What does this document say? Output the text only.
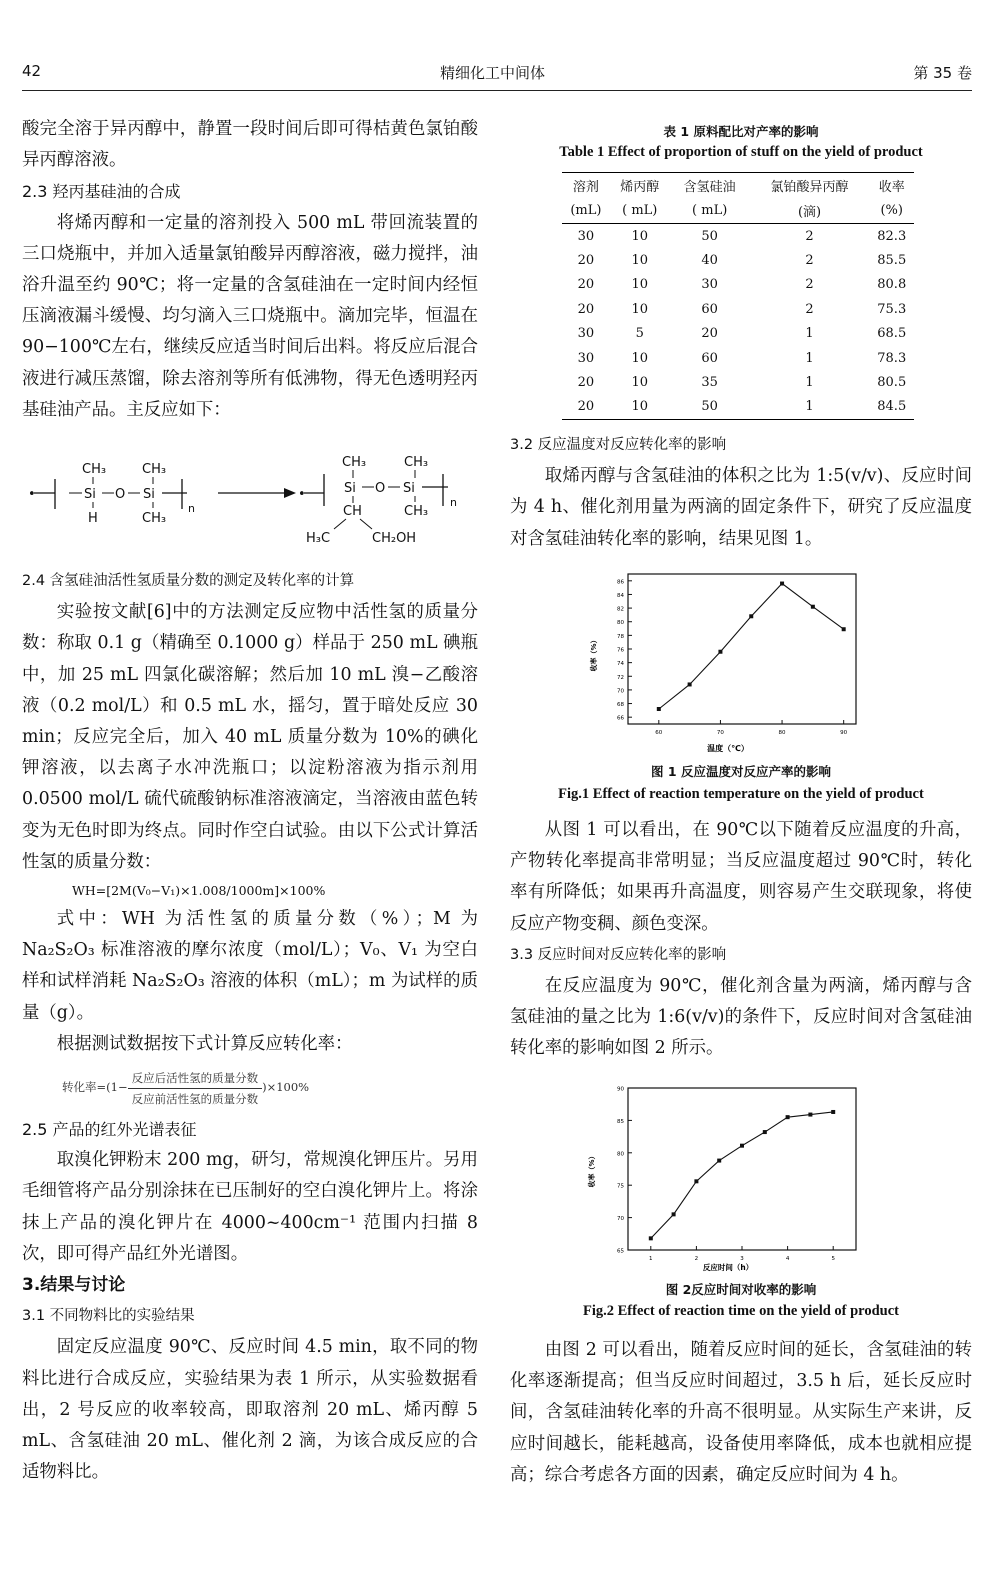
42	精细化工中间体	第 35 卷

酸完全溶于异丙醇中，静置一段时间后即可得桔黄色氯铂酸异丙醇溶液。

2.3 羟丙基硅油的合成

将烯丙醇和一定量的溶剂投入 500 mL 带回流装置的三口烧瓶中，并加入适量氯铂酸异丙醇溶液，磁力搅拌，油浴升温至约 90℃；将一定量的含氢硅油在一定时间内经恒压滴液漏斗缓慢、均匀滴入三口烧瓶中。滴加完毕，恒温在 90−100℃左右，继续反应适当时间后出料。将反应后混合液进行减压蒸馏，除去溶剂等所有低沸物，得无色透明羟丙基硅油产品。主反应如下：

•
CH₃
Si O
H
CH₃
Si
CH₃
n
•
CH₃
Si O
CH₃
Si
n
CH₃
CH
H₃C	CH₂OH

2.4 含氢硅油活性氢质量分数的测定及转化率的计算

实验按文献[6]中的方法测定反应物中活性氢的质量分数：称取 0.1 g（精确至 0.1000 g）样品于 250 mL 碘瓶中，加 25 mL 四氯化碳溶解；然后加 10 mL 溴−乙酸溶液（0.2 mol/L）和 0.5 mL 水，摇匀，置于暗处反应 30 min；反应完全后，加入 40 mL 质量分数为 10%的碘化钾溶液，以去离子水冲洗瓶口；以淀粉溶液为指示剂用 0.0500 mol/L 硫代硫酸钠标准溶液滴定，当溶液由蓝色转变为无色时即为终点。同时作空白试验。由以下公式计算活性氢的质量分数：

WH=[2M(V₀−V₁)×1.008/1000m]×100%

式中：WH 为活性氢的质量分数（%）；M 为 Na₂S₂O₃ 标准溶液的摩尔浓度（mol/L）；V₀、V₁ 为空白样和试样消耗 Na₂S₂O₃ 溶液的体积（mL）；m 为试样的质量（g）。

根据测试数据按下式计算反应转化率：

转化率$=(1- \frac{\text{反应后活性氢的质量分数}}{\text{反应前活性氢的质量分数}} )\times 100\%$

2.5 产品的红外光谱表征

取溴化钾粉末 200 mg，研匀，常规溴化钾压片。另用毛细管将产品分别涂抹在已压制好的空白溴化钾片上。将涂抹上产品的溴化钾片在 4000~400cm⁻¹ 范围内扫描 8 次，即可得产品红外光谱图。

3.结果与讨论

3.1 不同物料比的实验结果

固定反应温度 90℃、反应时间 4.5 min，取不同的物料比进行合成反应，实验结果为表 1 所示，从实验数据看出，2 号反应的收率较高，即取溶剂 20 mL、烯丙醇 5 mL、含氢硅油 20 mL、催化剂 2 滴，为该合成反应的合适物料比。

表 1 原料配比对产率的影响
Table 1 Effect of proportion of stuff on the yield of product
溶剂	烯丙醇	含氢硅油	氯铂酸异丙醇	收率
(mL)	( mL)	( mL)	(滴)	(%)
30	10	50	2	82.3
20	10	40	2	85.5
20	10	30	2	80.8
20	10	60	2	75.3
30	5	20	1	68.5
30	10	60	1	78.3
20	10	35	1	80.5
20	10	50	1	84.5

3.2 反应温度对反应转化率的影响

取烯丙醇与含氢硅油的体积之比为 1:5(v/v)、反应时间为 4 h、催化剂用量为两滴的固定条件下，研究了反应温度对含氢硅油转化率的影响，结果见图 1。

66
68
70
72
74
76
78
80
82
84
86
60	70	80	90
温度（℃）
收率（%）
图 1 反应温度对反应产率的影响
Fig.1 Effect of reaction temperature on the yield of product

从图 1 可以看出，在 90℃以下随着反应温度的升高，产物转化率提高非常明显；当反应温度超过 90℃时，转化率有所降低；如果再升高温度，则容易产生交联现象，将使反应产物变稠、颜色变深。

3.3 反应时间对反应转化率的影响

在反应温度为 90℃，催化剂含量为两滴，烯丙醇与含氢硅油的量之比为 1:6(v/v)的条件下，反应时间对含氢硅油转化率的影响如图 2 所示。

65
70
75
80
85
90
1	2	3	4	5
反应时间（h）
收率（%）
图 2反应时间对收率的影响
Fig.2 Effect of reaction time on the yield of product

由图 2 可以看出，随着反应时间的延长，含氢硅油的转化率逐渐提高；但当反应时间超过，3.5 h 后，延长反应时间，含氢硅油转化率的升高不很明显。从实际生产来讲，反应时间越长，能耗越高，设备使用率降低，成本也就相应提高；综合考虑各方面的因素，确定反应时间为 4 h。
